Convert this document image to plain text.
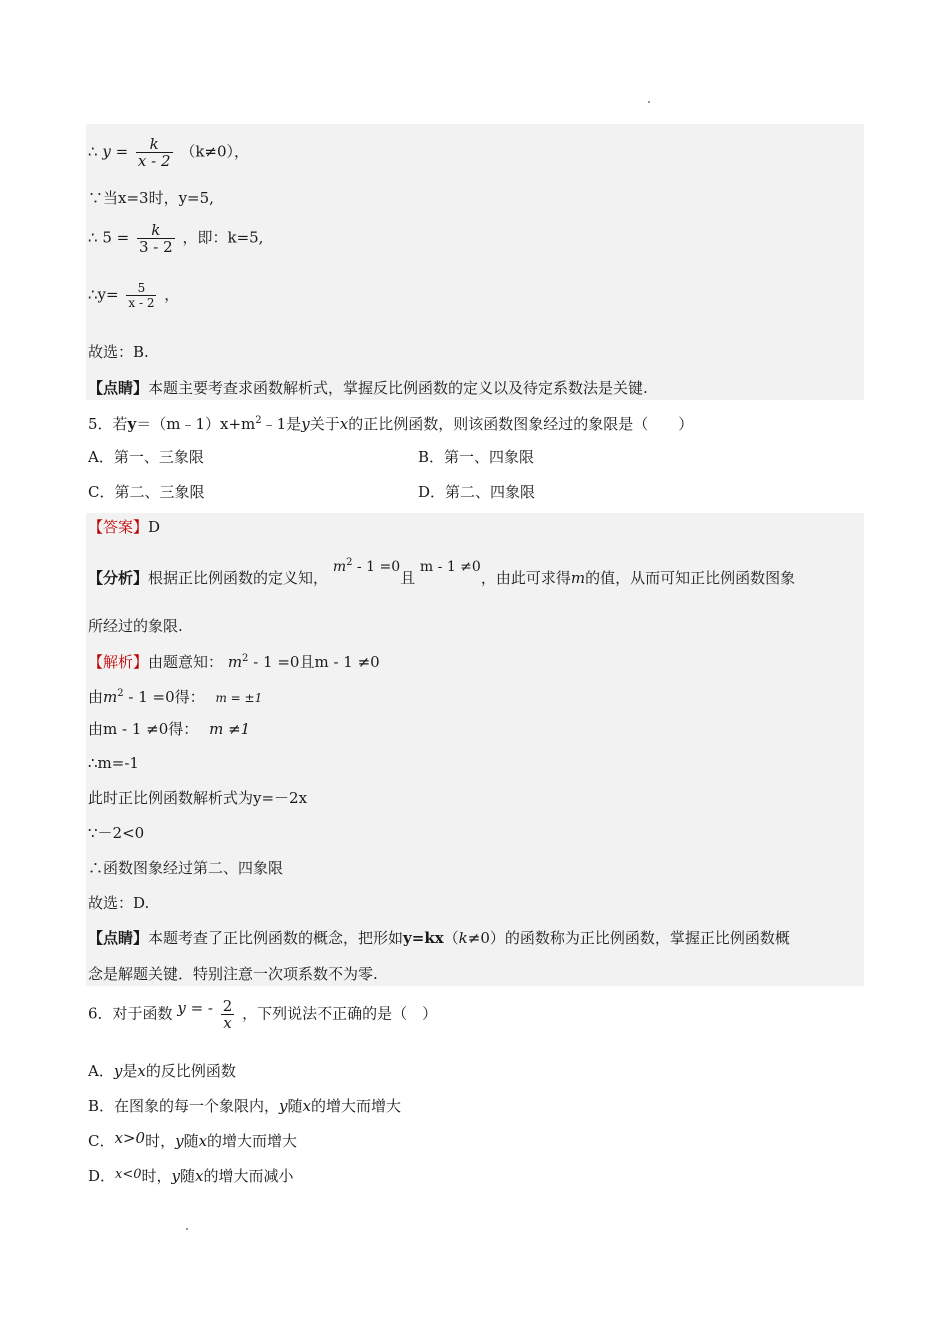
∴ $y = \frac{k}{x - 2} (k\ne 0)$，
∵当x=3时，y=5,
∴ $5 = \frac{k}{3 - 2}$ ，即：k=5,
∴y= $\frac{5}{x - 2}$ ，
故选：B.
【点睛】本题主要考查求函数解析式，掌握反比例函数的定义以及待定系数法是关键.
5．若$y=(m﹣1)x+m^2﹣1$是y关于x的正比例函数，则该函数图象经过的象限是（　　）
A．第一、三象限	B．第一、四象限
C．第二、三象限	D．第二、四象限
【答案】D
【分析】根据正比例函数的定义知， $m^2 - 1 =0$且 m - 1 ≠0，由此可求得m的值，从而可知正比例函数图象
所经过的象限.
【解析】由题意知： $m^2 - 1 =0$且m - 1 ≠0
由$m^2 - 1 =0$得： m = ±1
由m - 1 ≠0得： m ≠1
∴m=-1
此时正比例函数解析式为y=－2x
∵－2<0
∴函数图象经过第二、四象限
故选：D.
【点睛】本题考查了正比例函数的概念，把形如y=kx（k≠0）的函数称为正比例函数，掌握正比例函数概
念是解题关键．特别注意一次项系数不为零.
6．对于函数 y = - $\frac{2}{x}$ ，下列说法不正确的是（　）
A．y是x的反比例函数
B．在图象的每一个象限内，y随x的增大而增大
C．x>0时，y随x的增大而增大
D．x<0时，y随x的增大而减小
